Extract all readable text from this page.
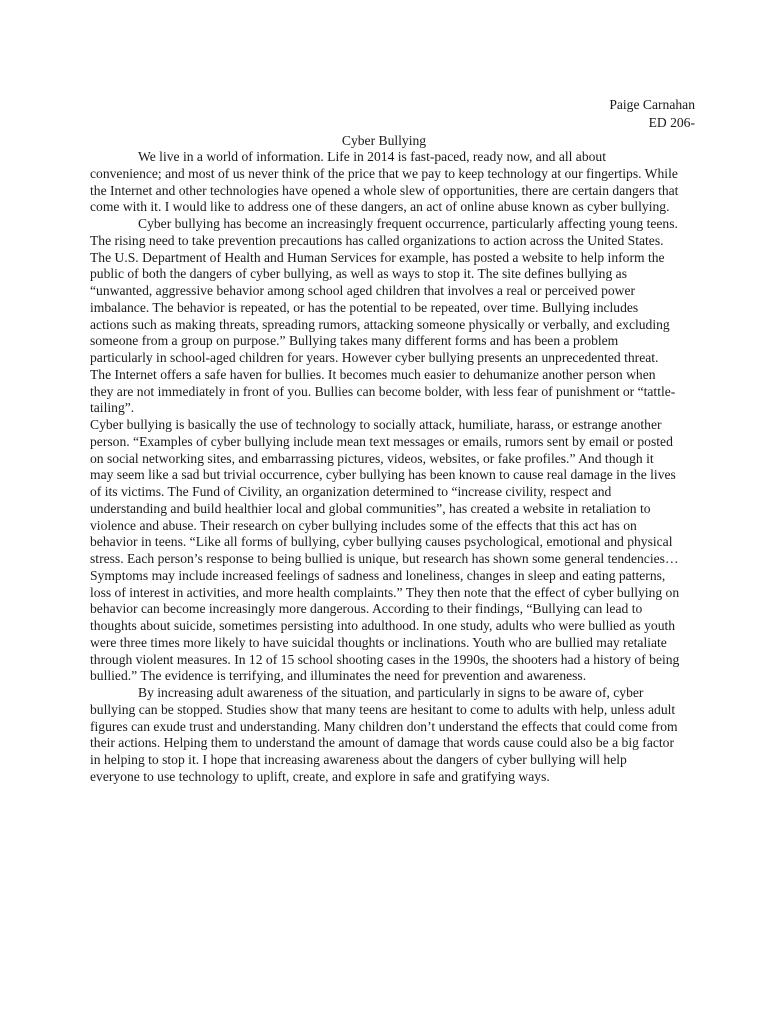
Paige Carnahan
ED 206-
Cyber Bullying

We live in a world of information. Life in 2014 is fast-paced, ready now, and all about convenience; and most of us never think of the price that we pay to keep technology at our fingertips. While the Internet and other technologies have opened a whole slew of opportunities, there are certain dangers that come with it. I would like to address one of these dangers, an act of online abuse known as cyber bullying.

Cyber bullying has become an increasingly frequent occurrence, particularly affecting young teens. The rising need to take prevention precautions has called organizations to action across the United States. The U.S. Department of Health and Human Services for example, has posted a website to help inform the public of both the dangers of cyber bullying, as well as ways to stop it. The site defines bullying as “unwanted, aggressive behavior among school aged children that involves a real or perceived power imbalance. The behavior is repeated, or has the potential to be repeated, over time. Bullying includes actions such as making threats, spreading rumors, attacking someone physically or verbally, and excluding someone from a group on purpose.” Bullying takes many different forms and has been a problem particularly in school-aged children for years. However cyber bullying presents an unprecedented threat. The Internet offers a safe haven for bullies. It becomes much easier to dehumanize another person when they are not immediately in front of you. Bullies can become bolder, with less fear of punishment or “tattle-tailing”.

Cyber bullying is basically the use of technology to socially attack, humiliate, harass, or estrange another person. “Examples of cyber bullying include mean text messages or emails, rumors sent by email or posted on social networking sites, and embarrassing pictures, videos, websites, or fake profiles.” And though it may seem like a sad but trivial occurrence, cyber bullying has been known to cause real damage in the lives of its victims. The Fund of Civility, an organization determined to “increase civility, respect and understanding and build healthier local and global communities”, has created a website in retaliation to violence and abuse. Their research on cyber bullying includes some of the effects that this act has on behavior in teens. “Like all forms of bullying, cyber bullying causes psychological, emotional and physical stress. Each person’s response to being bullied is unique, but research has shown some general tendencies… Symptoms may include increased feelings of sadness and loneliness, changes in sleep and eating patterns, loss of interest in activities, and more health complaints.” They then note that the effect of cyber bullying on behavior can become increasingly more dangerous. According to their findings, “Bullying can lead to thoughts about suicide, sometimes persisting into adulthood. In one study, adults who were bullied as youth were three times more likely to have suicidal thoughts or inclinations. Youth who are bullied may retaliate through violent measures. In 12 of 15 school shooting cases in the 1990s, the shooters had a history of being bullied.” The evidence is terrifying, and illuminates the need for prevention and awareness.

By increasing adult awareness of the situation, and particularly in signs to be aware of, cyber bullying can be stopped. Studies show that many teens are hesitant to come to adults with help, unless adult figures can exude trust and understanding. Many children don’t understand the effects that could come from their actions. Helping them to understand the amount of damage that words cause could also be a big factor in helping to stop it. I hope that increasing awareness about the dangers of cyber bullying will help everyone to use technology to uplift, create, and explore in safe and gratifying ways.
